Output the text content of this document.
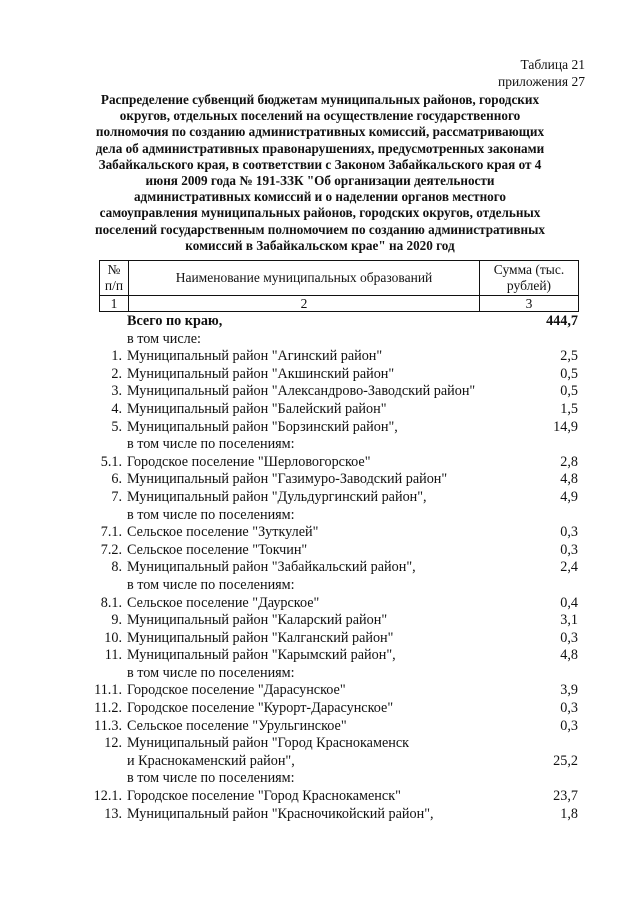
Таблица 21
приложения 27
Распределение субвенций бюджетам муниципальных районов, городских округов, отдельных поселений на осуществление государственного полномочия по созданию административных комиссий, рассматривающих дела об административных правонарушениях, предусмотренных законами Забайкальского края, в соответствии с Законом Забайкальского края от 4 июня 2009 года № 191-ЗЗК "Об организации деятельности административных комиссий и о наделении органов местного самоуправления муниципальных районов, городских округов, отдельных поселений государственным полномочием по созданию административных комиссий в Забайкальском крае" на 2020 год
№ п/п	Наименование муниципальных образований	Сумма (тыс. рублей)
1	2	3
Всего по краю,	444,7
в том числе:
1. Муниципальный район "Агинский район"	2,5
2. Муниципальный район "Акшинский район"	0,5
3. Муниципальный район "Александрово-Заводский район"	0,5
4. Муниципальный район "Балейский район"	1,5
5. Муниципальный район "Борзинский район",	14,9
в том числе по поселениям:
5.1. Городское поселение "Шерловогорское"	2,8
6. Муниципальный район "Газимуро-Заводский район"	4,8
7. Муниципальный район "Дульдургинский район",	4,9
в том числе по поселениям:
7.1. Сельское поселение "Зуткулей"	0,3
7.2. Сельское поселение "Токчин"	0,3
8. Муниципальный район "Забайкальский район",	2,4
в том числе по поселениям:
8.1. Сельское поселение "Даурское"	0,4
9. Муниципальный район "Каларский район"	3,1
10. Муниципальный район "Калганский район"	0,3
11. Муниципальный район "Карымский район",	4,8
в том числе по поселениям:
11.1. Городское поселение "Дарасунское"	3,9
11.2. Городское поселение "Курорт-Дарасунское"	0,3
11.3. Сельское поселение "Урульгинское"	0,3
12. Муниципальный район "Город Краснокаменск
и Краснокаменский район",	25,2
в том числе по поселениям:
12.1. Городское поселение "Город Краснокаменск"	23,7
13. Муниципальный район "Красночикойский район",	1,8
